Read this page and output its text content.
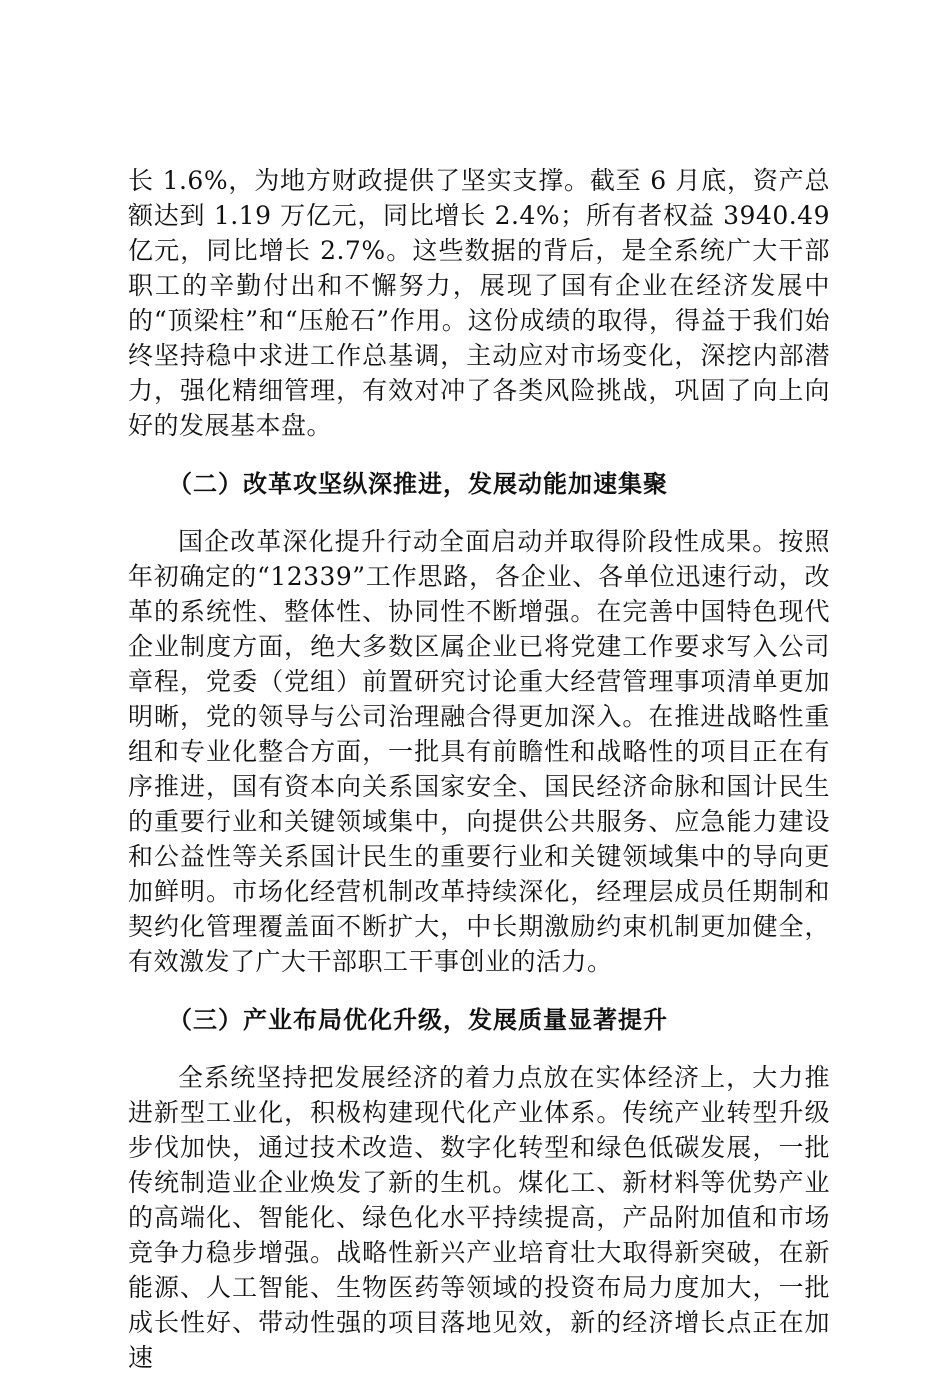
长 1.6%，为地方财政提供了坚实支撑。截至 6 月底，资产总额达到 1.19 万亿元，同比增长 2.4%；所有者权益 3940.49 亿元，同比增长 2.7%。这些数据的背后，是全系统广大干部职工的辛勤付出和不懈努力，展现了国有企业在经济发展中的“顶梁柱”和“压舱石”作用。这份成绩的取得，得益于我们始终坚持稳中求进工作总基调，主动应对市场变化，深挖内部潜力，强化精细管理，有效对冲了各类风险挑战，巩固了向上向好的发展基本盘。

（二）改革攻坚纵深推进，发展动能加速集聚

国企改革深化提升行动全面启动并取得阶段性成果。按照年初确定的“12339”工作思路，各企业、各单位迅速行动，改革的系统性、整体性、协同性不断增强。在完善中国特色现代企业制度方面，绝大多数区属企业已将党建工作要求写入公司章程，党委（党组）前置研究讨论重大经营管理事项清单更加明晰，党的领导与公司治理融合得更加深入。在推进战略性重组和专业化整合方面，一批具有前瞻性和战略性的项目正在有序推进，国有资本向关系国家安全、国民经济命脉和国计民生的重要行业和关键领域集中，向提供公共服务、应急能力建设和公益性等关系国计民生的重要行业和关键领域集中的导向更加鲜明。市场化经营机制改革持续深化，经理层成员任期制和契约化管理覆盖面不断扩大，中长期激励约束机制更加健全，有效激发了广大干部职工干事创业的活力。

（三）产业布局优化升级，发展质量显著提升

全系统坚持把发展经济的着力点放在实体经济上，大力推进新型工业化，积极构建现代化产业体系。传统产业转型升级步伐加快，通过技术改造、数字化转型和绿色低碳发展，一批传统制造业企业焕发了新的生机。煤化工、新材料等优势产业的高端化、智能化、绿色化水平持续提高，产品附加值和市场竞争力稳步增强。战略性新兴产业培育壮大取得新突破，在新能源、人工智能、生物医药等领域的投资布局力度加大，一批成长性好、带动性强的项目落地见效，新的经济增长点正在加速
